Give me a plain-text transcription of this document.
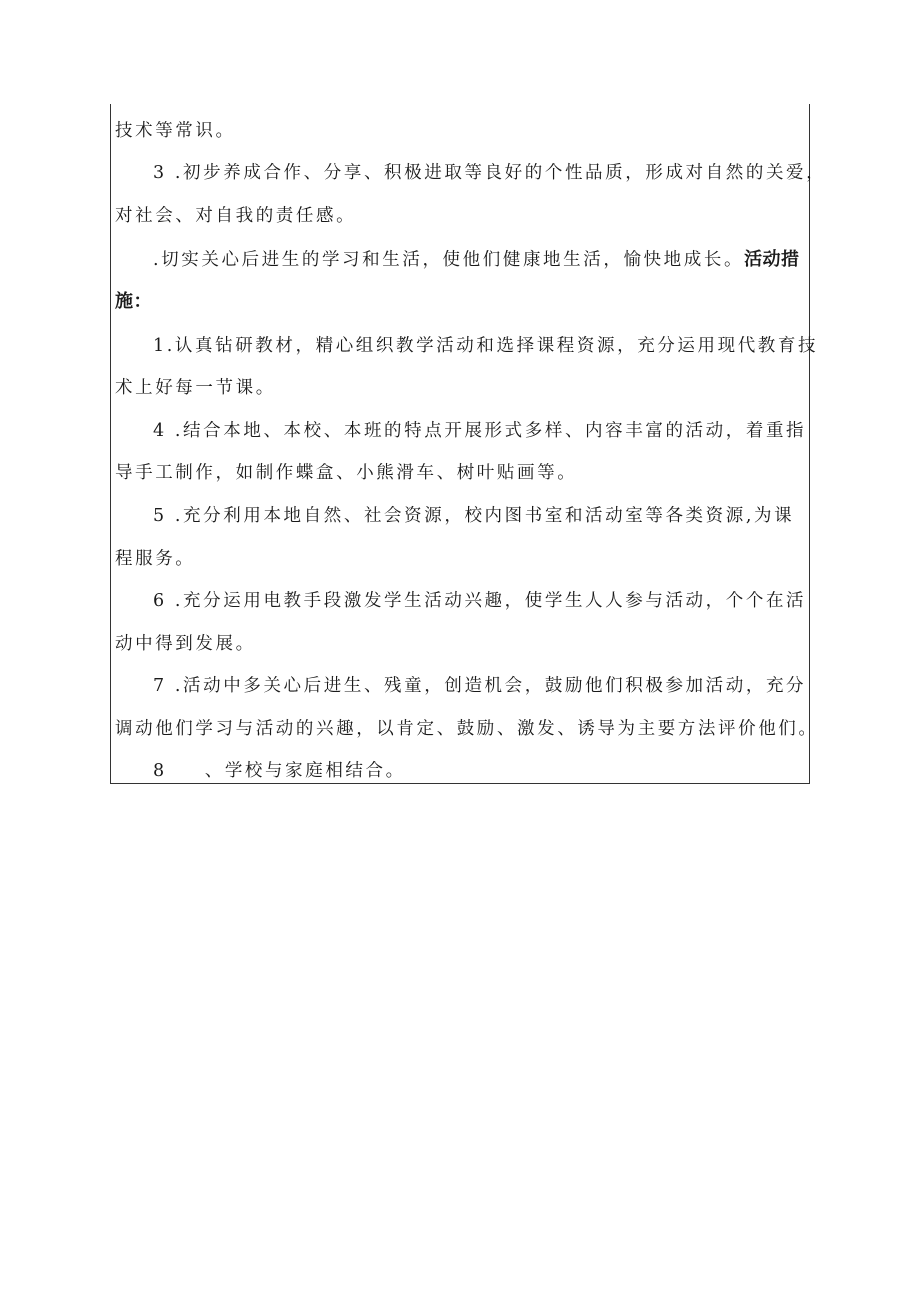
技术等常识。
3 .初步养成合作、分享、积极进取等良好的个性品质，形成对自然的关爱，
对社会、对自我的责任感。
.切实关心后进生的学习和生活，使他们健康地生活，愉快地成长。活动措
施：
1.认真钻研教材，精心组织教学活动和选择课程资源，充分运用现代教育技
术上好每一节课。
4 .结合本地、本校、本班的特点开展形式多样、内容丰富的活动，着重指
导手工制作，如制作蝶盒、小熊滑车、树叶贴画等。
5 .充分利用本地自然、社会资源，校内图书室和活动室等各类资源,为课
程服务。
6 .充分运用电教手段激发学生活动兴趣，使学生人人参与活动，个个在活
动中得到发展。
7 .活动中多关心后进生、残童，创造机会，鼓励他们积极参加活动，充分
调动他们学习与活动的兴趣，以肯定、鼓励、激发、诱导为主要方法评价他们。
8 、学校与家庭相结合。
